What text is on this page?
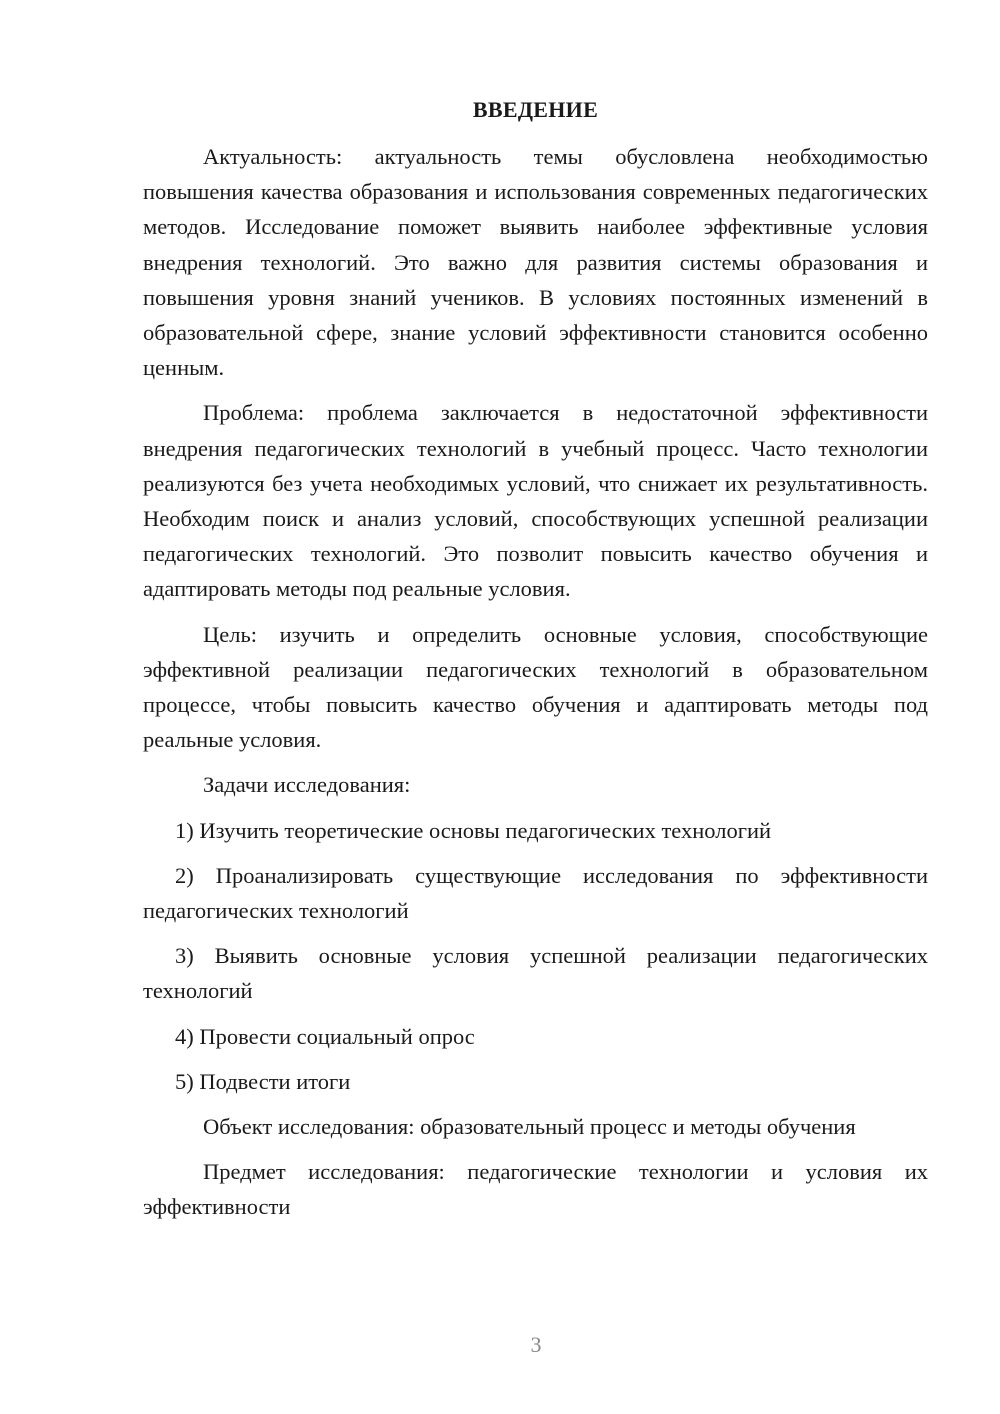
ВВЕДЕНИЕ

Актуальность: актуальность темы обусловлена необходимостью повышения качества образования и использования современных педагогических методов. Исследование поможет выявить наиболее эффективные условия внедрения технологий. Это важно для развития системы образования и повышения уровня знаний учеников. В условиях постоянных изменений в образовательной сфере, знание условий эффективности становится особенно ценным.

Проблема: проблема заключается в недостаточной эффективности внедрения педагогических технологий в учебный процесс. Часто технологии реализуются без учета необходимых условий, что снижает их результативность. Необходим поиск и анализ условий, способствующих успешной реализации педагогических технологий. Это позволит повысить качество обучения и адаптировать методы под реальные условия.

Цель: изучить и определить основные условия, способствующие эффективной реализации педагогических технологий в образовательном процессе, чтобы повысить качество обучения и адаптировать методы под реальные условия.

Задачи исследования:

1) Изучить теоретические основы педагогических технологий

2) Проанализировать существующие исследования по эффективности педагогических технологий

3) Выявить основные условия успешной реализации педагогических технологий

4) Провести социальный опрос

5) Подвести итоги

Объект исследования: образовательный процесс и методы обучения

Предмет исследования: педагогические технологии и условия их эффективности

3
